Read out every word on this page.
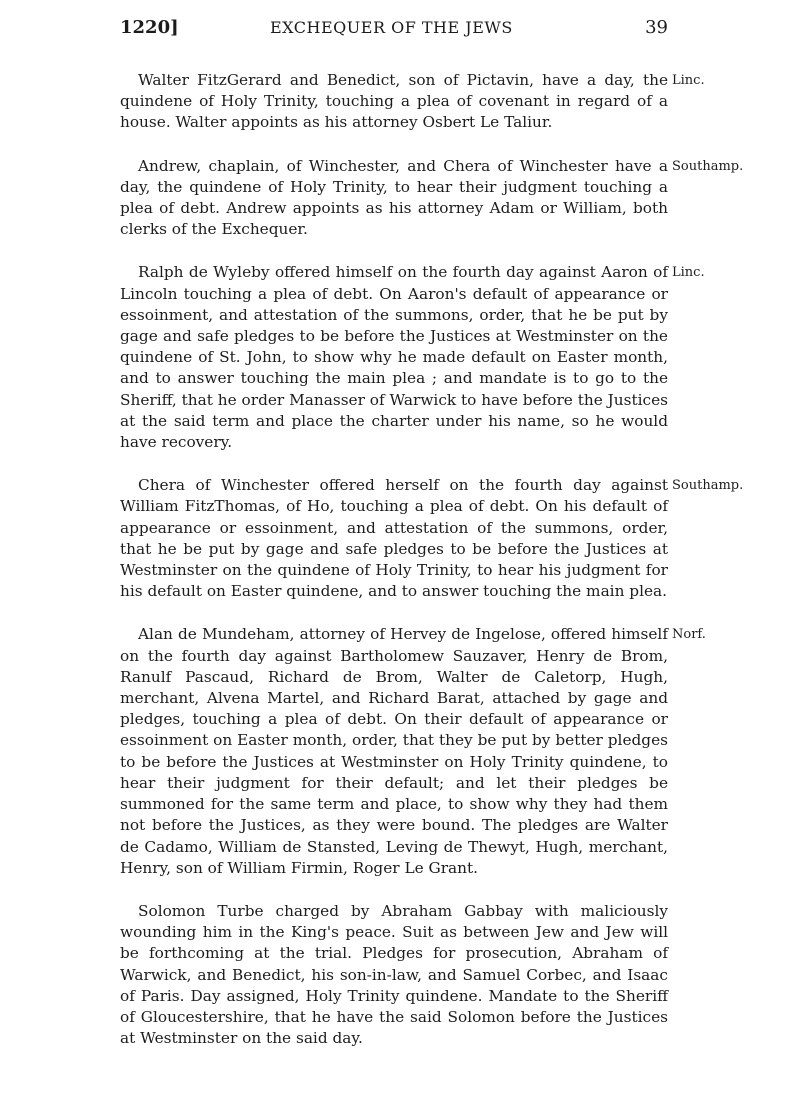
1220]	EXCHEQUER OF THE JEWS	39

Walter FitzGerard and Benedict, son of Pictavin, have a day, the quindene of Holy Trinity, touching a plea of covenant in regard of a house. Walter appoints as his attorney Osbert Le Taliur.
Linc.

Andrew, chaplain, of Winchester, and Chera of Winchester have a day, the quindene of Holy Trinity, to hear their judgment touching a plea of debt. Andrew appoints as his attorney Adam or William, both clerks of the Exchequer.
Southamp.

Ralph de Wyleby offered himself on the fourth day against Aaron of Lincoln touching a plea of debt. On Aaron's default of appearance or essoinment, and attestation of the summons, order, that he be put by gage and safe pledges to be before the Justices at Westminster on the quindene of St. John, to show why he made default on Easter month, and to answer touching the main plea ; and mandate is to go to the Sheriff, that he order Manasser of Warwick to have before the Justices at the said term and place the charter under his name, so he would have recovery.
Linc.

Chera of Winchester offered herself on the fourth day against William FitzThomas, of Ho, touching a plea of debt. On his default of appearance or essoinment, and attestation of the summons, order, that he be put by gage and safe pledges to be before the Justices at Westminster on the quindene of Holy Trinity, to hear his judgment for his default on Easter quindene, and to answer touching the main plea.
Southamp.

Alan de Mundeham, attorney of Hervey de Ingelose, offered himself on the fourth day against Bartholomew Sauzaver, Henry de Brom, Ranulf Pascaud, Richard de Brom, Walter de Caletorp, Hugh, merchant, Alvena Martel, and Richard Barat, attached by gage and pledges, touching a plea of debt. On their default of appearance or essoinment on Easter month, order, that they be put by better pledges to be before the Justices at Westminster on Holy Trinity quindene, to hear their judgment for their default; and let their pledges be summoned for the same term and place, to show why they had them not before the Justices, as they were bound. The pledges are Walter de Cadamo, William de Stansted, Leving de Thewyt, Hugh, merchant, Henry, son of William Firmin, Roger Le Grant.
Norf.

Solomon Turbe charged by Abraham Gabbay with maliciously wounding him in the King's peace. Suit as between Jew and Jew will be forthcoming at the trial. Pledges for prosecution, Abraham of Warwick, and Benedict, his son-in-law, and Samuel Corbec, and Isaac of Paris. Day assigned, Holy Trinity quindene. Mandate to the Sheriff of Gloucestershire, that he have the said Solomon before the Justices at Westminster on the said day.
